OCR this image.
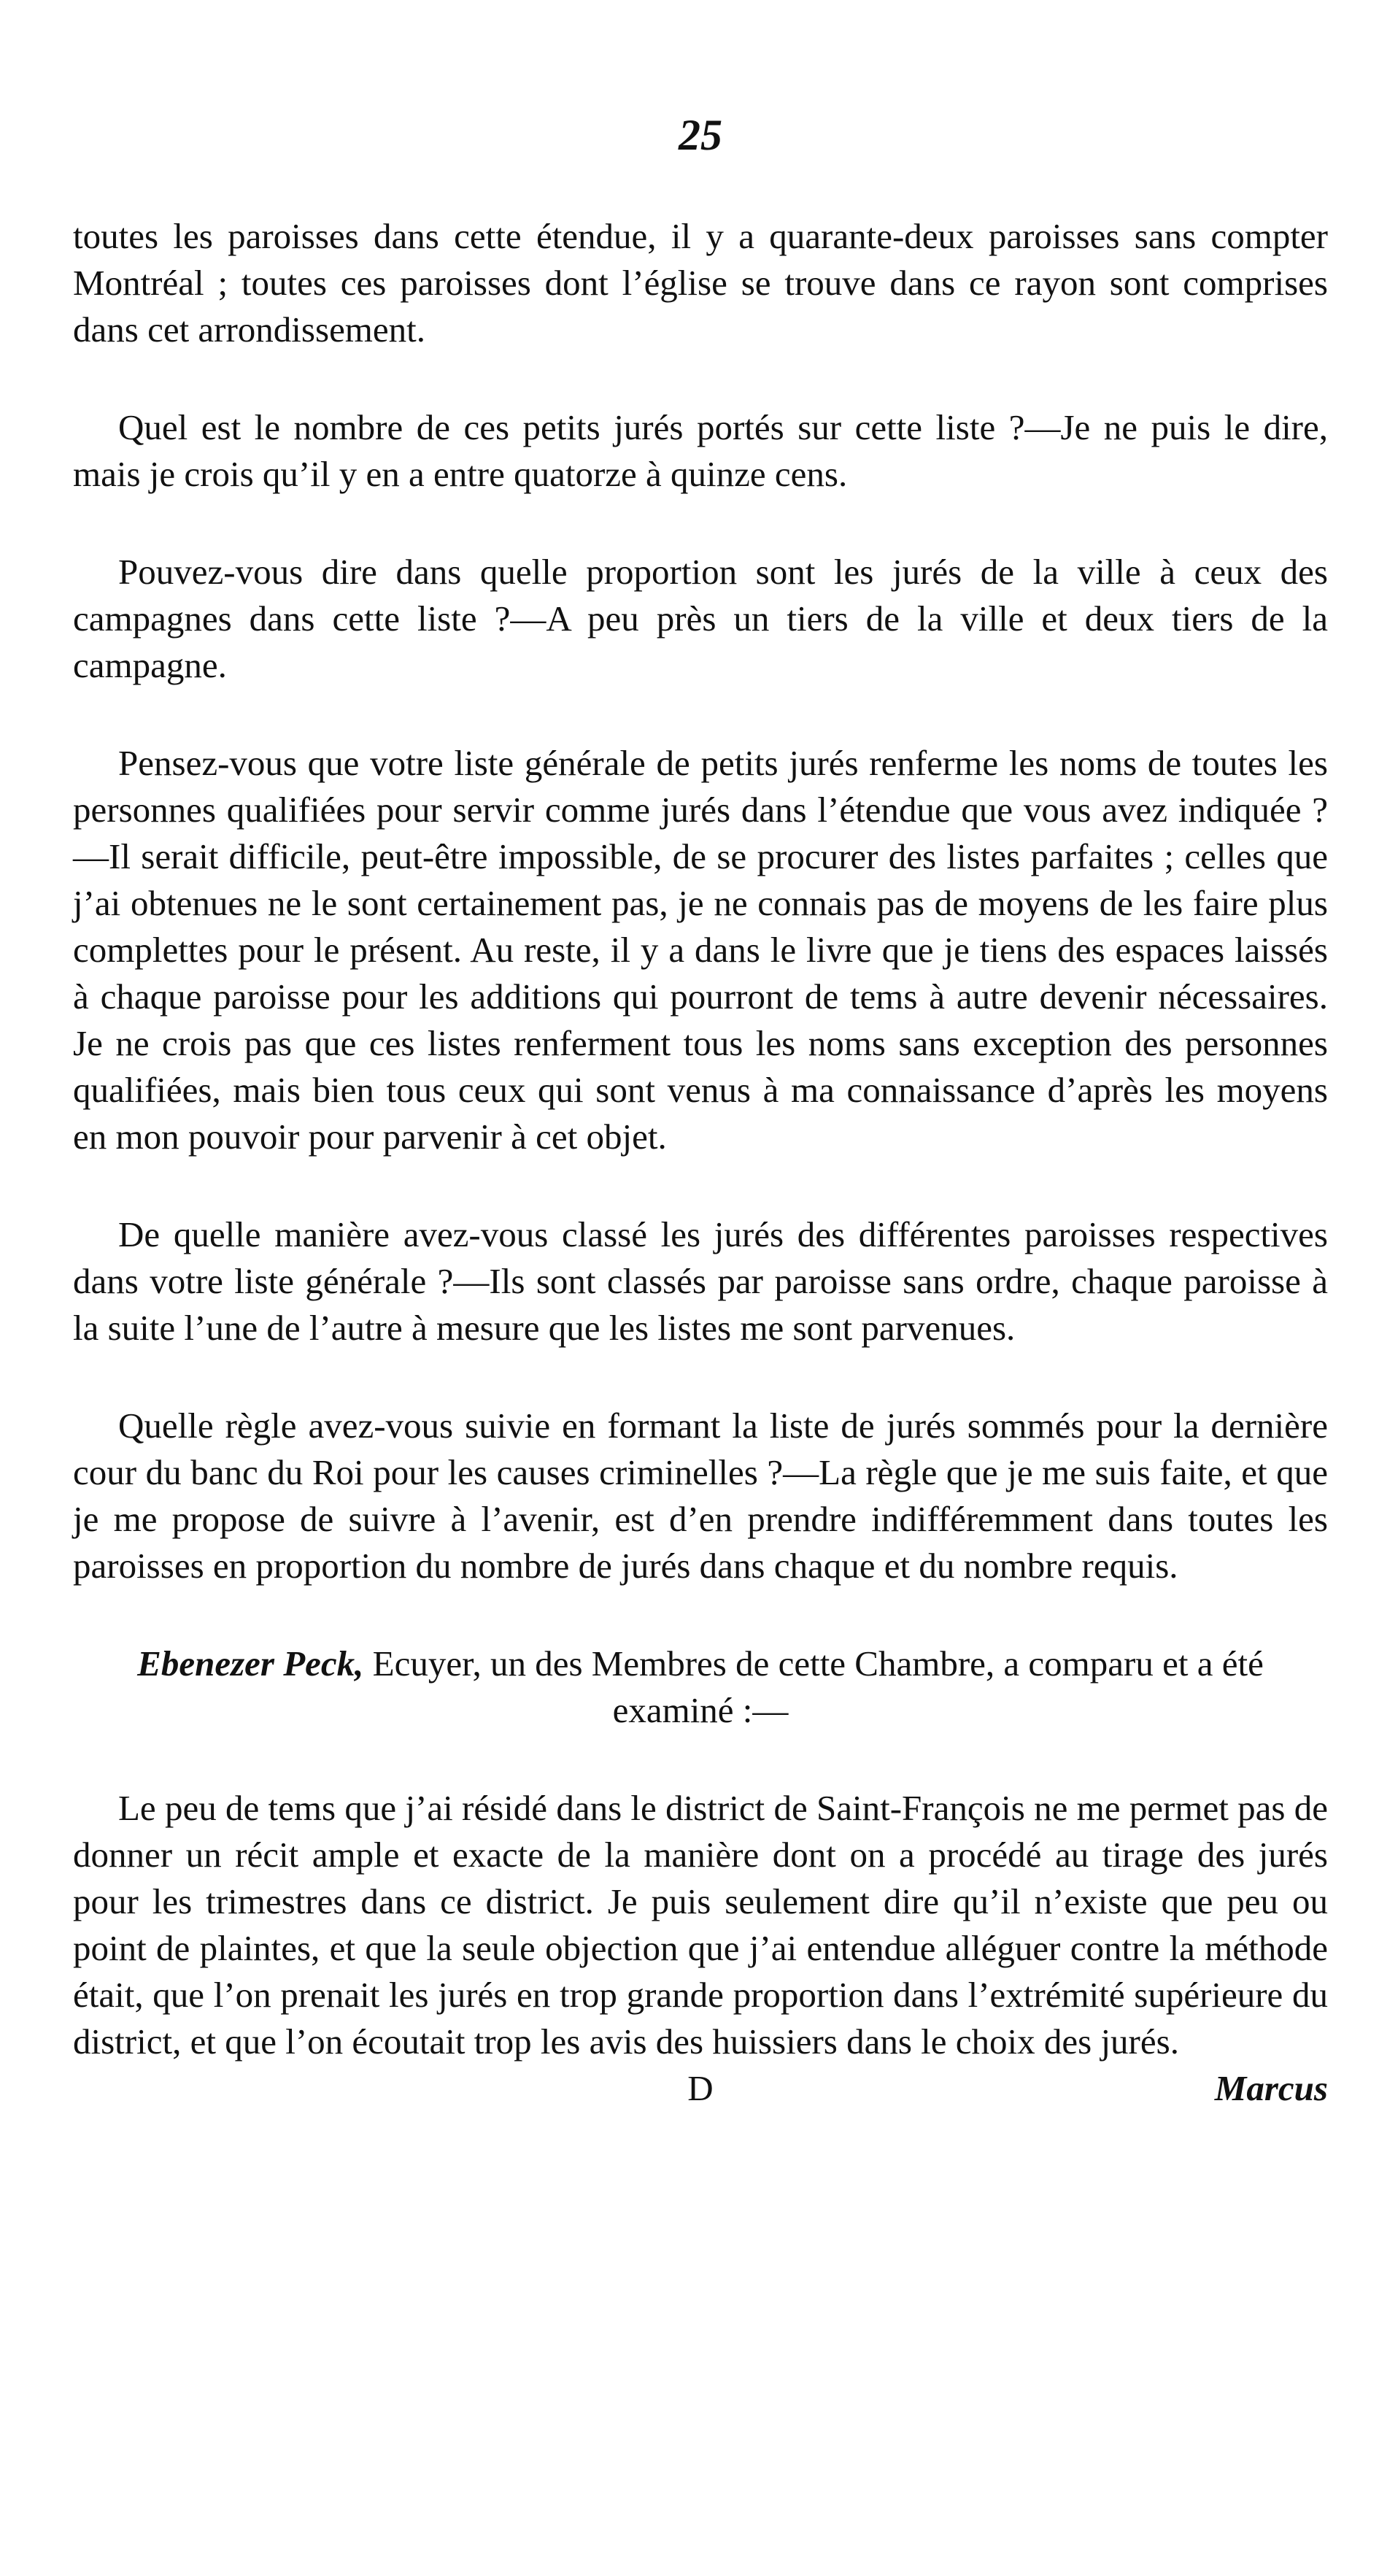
25

toutes les paroisses dans cette étendue, il y a quarante-deux paroisses sans compter Montréal ; toutes ces paroisses dont l’église se trouve dans ce rayon sont comprises dans cet arrondissement.

Quel est le nombre de ces petits jurés portés sur cette liste ?—Je ne puis le dire, mais je crois qu’il y en a entre quatorze à quinze cens.

Pouvez-vous dire dans quelle proportion sont les jurés de la ville à ceux des campagnes dans cette liste ?—A peu près un tiers de la ville et deux tiers de la campagne.

Pensez-vous que votre liste générale de petits jurés renferme les noms de toutes les personnes qualifiées pour servir comme jurés dans l’étendue que vous avez indiquée ?—Il serait difficile, peut-être impossible, de se procurer des listes parfaites ; celles que j’ai obtenues ne le sont certainement pas, je ne connais pas de moyens de les faire plus complettes pour le présent. Au reste, il y a dans le livre que je tiens des espaces laissés à chaque paroisse pour les additions qui pourront de tems à autre devenir nécessaires. Je ne crois pas que ces listes renferment tous les noms sans exception des personnes qualifiées, mais bien tous ceux qui sont venus à ma connaissance d’après les moyens en mon pouvoir pour parvenir à cet objet.

De quelle manière avez-vous classé les jurés des différentes paroisses respectives dans votre liste générale ?—Ils sont classés par paroisse sans ordre, chaque paroisse à la suite l’une de l’autre à mesure que les listes me sont parvenues.

Quelle règle avez-vous suivie en formant la liste de jurés sommés pour la dernière cour du banc du Roi pour les causes criminelles ?—La règle que je me suis faite, et que je me propose de suivre à l’avenir, est d’en prendre indifféremment dans toutes les paroisses en proportion du nombre de jurés dans chaque et du nombre requis.

Ebenezer Peck, Ecuyer, un des Membres de cette Chambre, a comparu et a été examiné :—

Le peu de tems que j’ai résidé dans le district de Saint-François ne me permet pas de donner un récit ample et exacte de la manière dont on a procédé au tirage des jurés pour les trimestres dans ce district. Je puis seulement dire qu’il n’existe que peu ou point de plaintes, et que la seule objection que j’ai entendue alléguer contre la méthode était, que l’on prenait les jurés en trop grande proportion dans l’extrémité supérieure du district, et que l’on écoutait trop les avis des huissiers dans le choix des jurés.

D	Marcus
